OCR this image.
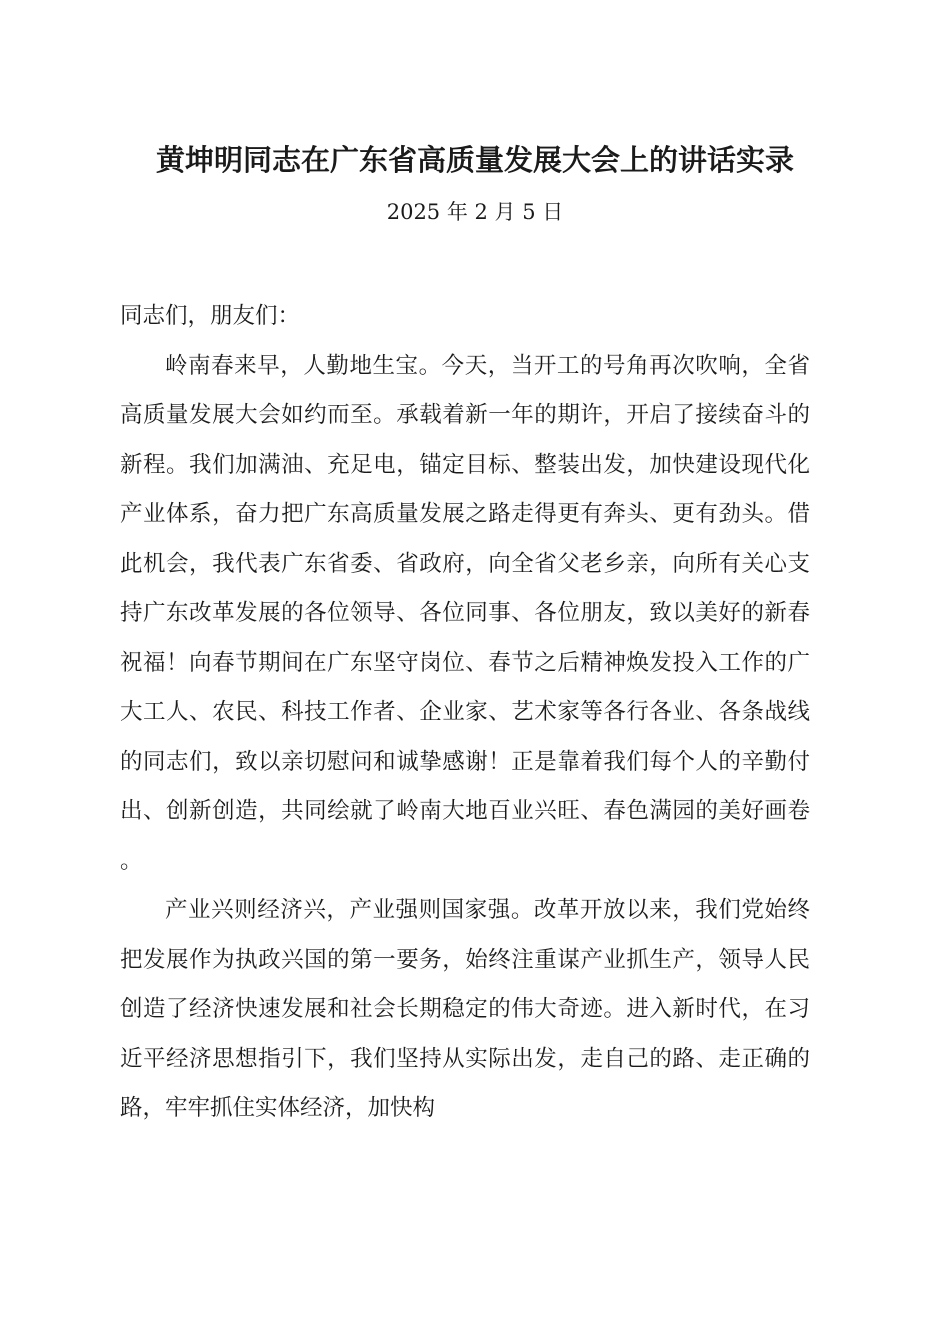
黄坤明同志在广东省高质量发展大会上的讲话实录
2025 年 2 月 5 日

同志们，朋友们：

岭南春来早，人勤地生宝。今天，当开工的号角再次吹响，全省高质量发展大会如约而至。承载着新一年的期许，开启了接续奋斗的新程。我们加满油、充足电，锚定目标、整装出发，加快建设现代化产业体系，奋力把广东高质量发展之路走得更有奔头、更有劲头。借此机会，我代表广东省委、省政府，向全省父老乡亲，向所有关心支持广东改革发展的各位领导、各位同事、各位朋友，致以美好的新春祝福！向春节期间在广东坚守岗位、春节之后精神焕发投入工作的广大工人、农民、科技工作者、企业家、艺术家等各行各业、各条战线的同志们，致以亲切慰问和诚挚感谢！正是靠着我们每个人的辛勤付出、创新创造，共同绘就了岭南大地百业兴旺、春色满园的美好画卷。

产业兴则经济兴，产业强则国家强。改革开放以来，我们党始终把发展作为执政兴国的第一要务，始终注重谋产业抓生产，领导人民创造了经济快速发展和社会长期稳定的伟大奇迹。进入新时代，在习近平经济思想指引下，我们坚持从实际出发，走自己的路、走正确的路，牢牢抓住实体经济，加快构
